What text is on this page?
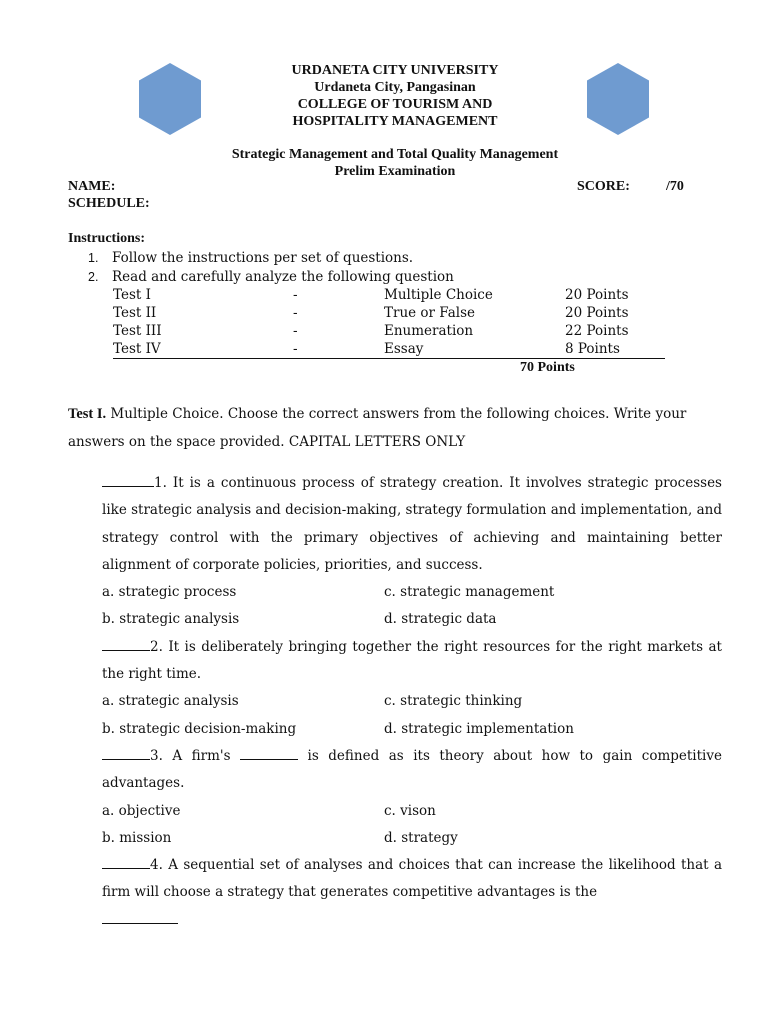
URDANETA CITY UNIVERSITY
Urdaneta City, Pangasinan
COLLEGE OF TOURISM AND
HOSPITALITY MANAGEMENT
Strategic Management and Total Quality Management
Prelim Examination
NAME:
SCHEDULE:
SCORE:	/70
Instructions:
1. Follow the instructions per set of questions.
2. Read and carefully analyze the following question
Test I	-	Multiple Choice	20 Points
Test II	-	True or False	20 Points
Test III	-	Enumeration	22 Points
Test IV	-	Essay	8 Points
70 Points
Test I. Multiple Choice. Choose the correct answers from the following choices. Write your answers on the space provided. CAPITAL LETTERS ONLY
1. It is a continuous process of strategy creation. It involves strategic processes like strategic analysis and decision-making, strategy formulation and implementation, and strategy control with the primary objectives of achieving and maintaining better alignment of corporate policies, priorities, and success.
a. strategic process	c. strategic management
b. strategic analysis	d. strategic data
2. It is deliberately bringing together the right resources for the right markets at the right time.
a. strategic analysis	c. strategic thinking
b. strategic decision-making	d. strategic implementation
3. A firm's	is defined as its theory about how to gain competitive advantages.
a. objective	c. vison
b. mission	d. strategy
4. A sequential set of analyses and choices that can increase the likelihood that a firm will choose a strategy that generates competitive advantages is the
